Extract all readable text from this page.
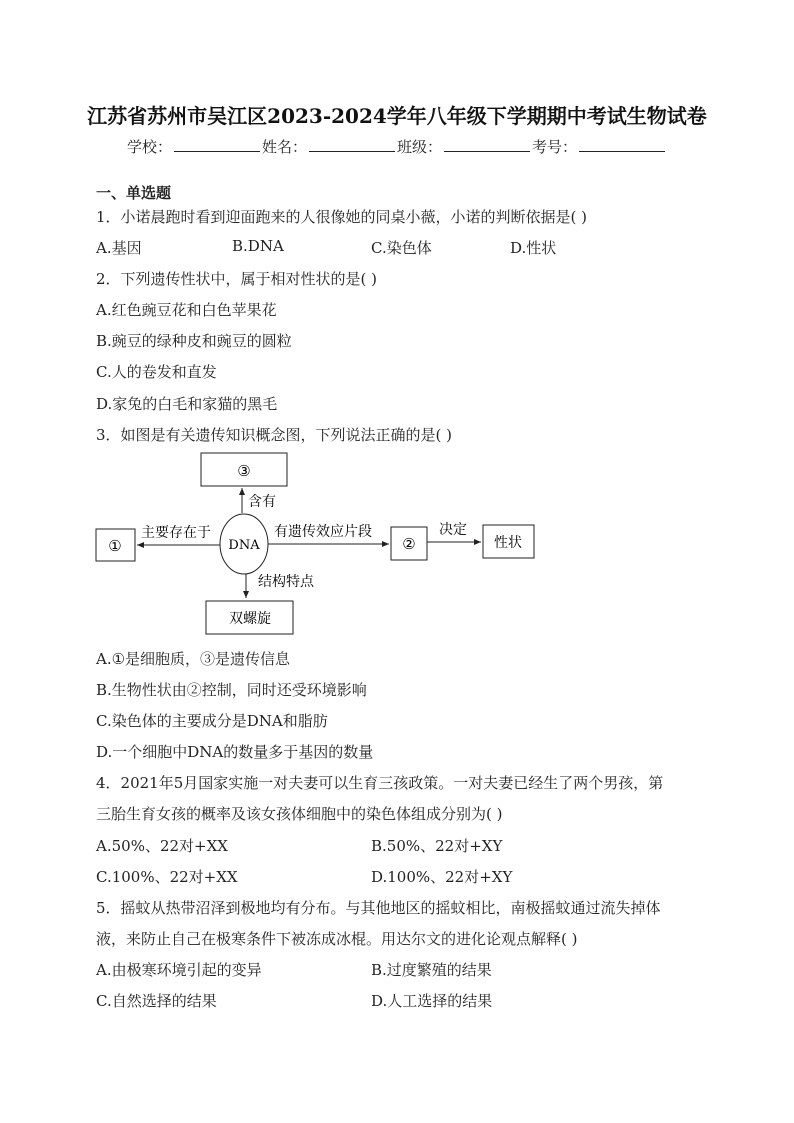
江苏省苏州市吴江区2023-2024学年八年级下学期期中考试生物试卷
学校：	姓名：	班级：	考号：
一、单选题
1．小诺晨跑时看到迎面跑来的人很像她的同桌小薇，小诺的判断依据是( )
A.基因	B.DNA	C.染色体	D.性状
2．下列遗传性状中，属于相对性状的是( )
A.红色豌豆花和白色苹果花
B.豌豆的绿种皮和豌豆的圆粒
C.人的卷发和直发
D.家兔的白毛和家猫的黑毛
3．如图是有关遗传知识概念图，下列说法正确的是( )
③
含有
DNA
①
主要存在于	有遗传效应片段
②
决定
性状
结构特点
双螺旋
A.①是细胞质，③是遗传信息
B.生物性状由②控制，同时还受环境影响
C.染色体的主要成分是DNA和脂肪
D.一个细胞中DNA的数量多于基因的数量
4．2021年5月国家实施一对夫妻可以生育三孩政策。一对夫妻已经生了两个男孩，第
三胎生育女孩的概率及该女孩体细胞中的染色体组成分别为( )
A.50%、22对+XX	B.50%、22对+XY
C.100%、22对+XX	D.100%、22对+XY
5．摇蚊从热带沼泽到极地均有分布。与其他地区的摇蚊相比，南极摇蚊通过流失掉体
液，来防止自己在极寒条件下被冻成冰棍。用达尔文的进化论观点解释( )
A.由极寒环境引起的变异	B.过度繁殖的结果
C.自然选择的结果	D.人工选择的结果
